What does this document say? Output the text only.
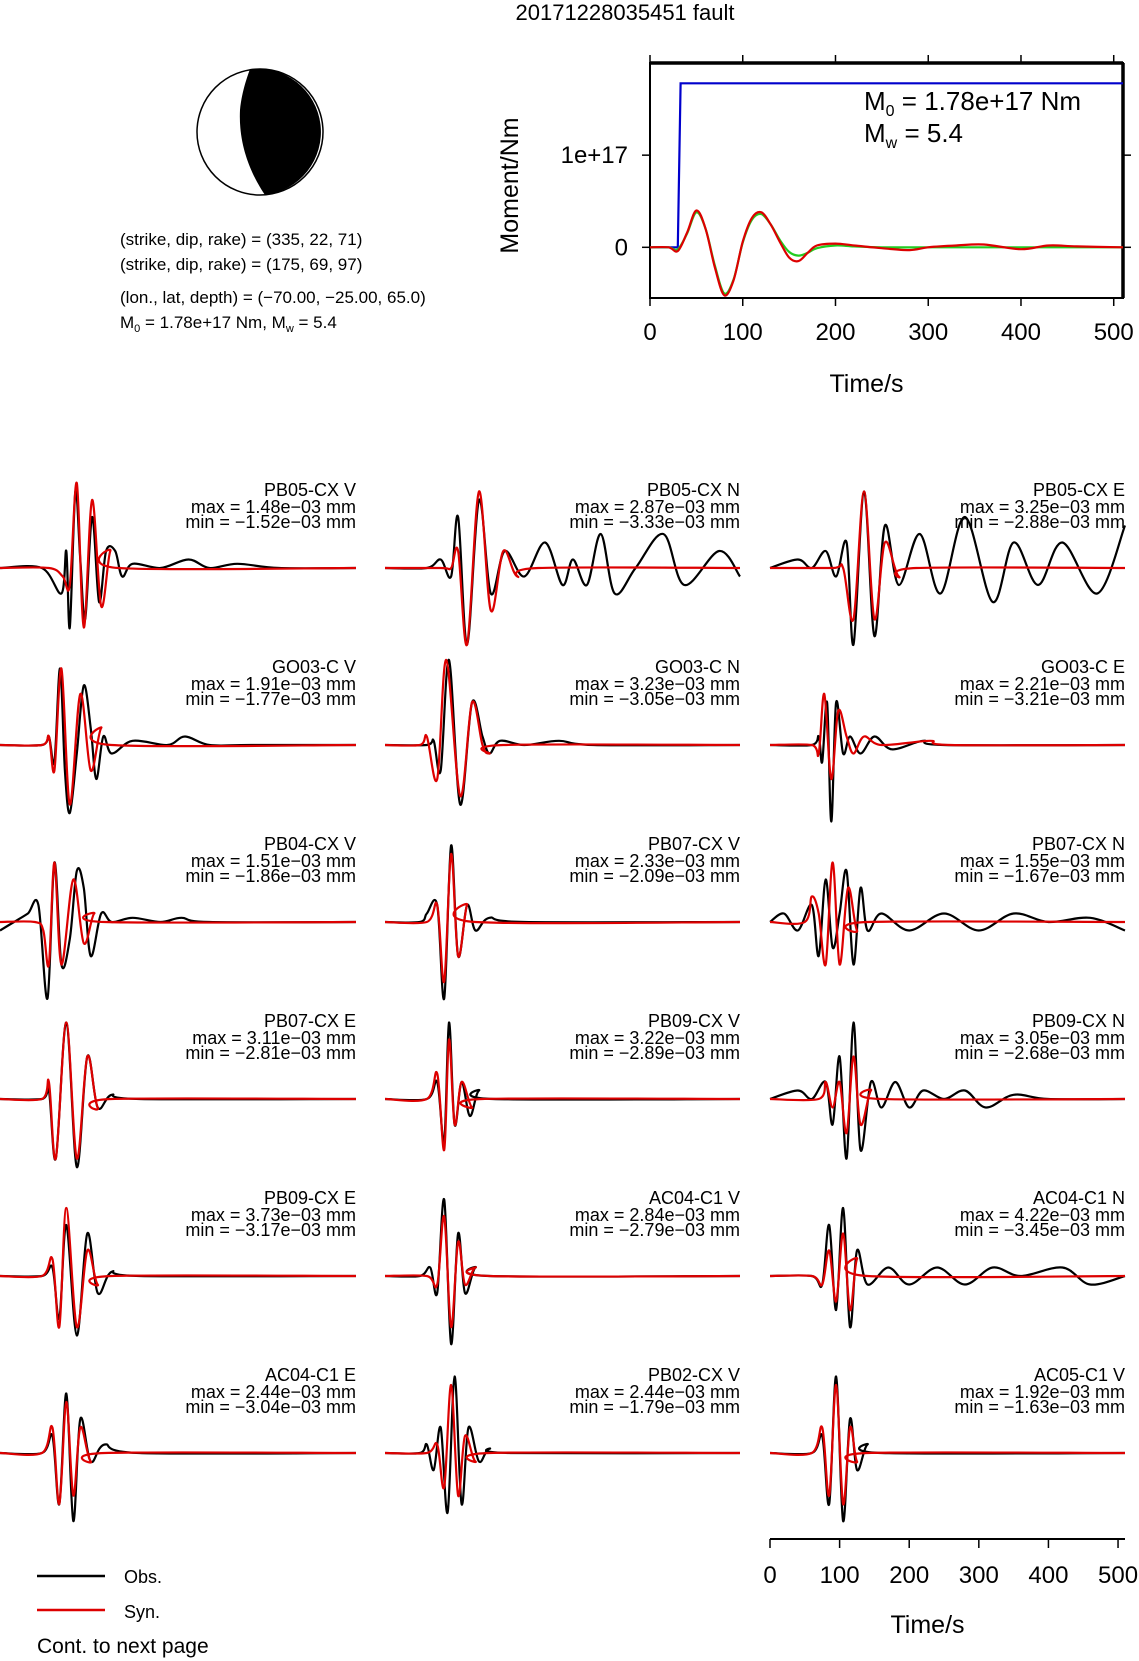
20171228035451 fault
(strike, dip, rake) = (335, 22, 71)
(strike, dip, rake) = (175, 69, 97)
(lon., lat, depth) = (−70.00, −25.00, 65.0)
$M_0 = 1.78e+17$ Nm, $M_w = 5.4$	0	100 200 300 400 500
0
1e+17
Time/s
Moment/Nm
$M_0 = 1.78e+17$ Nm
$M_w = 5.4$
PB05-CX V
max = 1.48e−03 mm
min = −1.52e−03 mm
PB05-CX N
max = 2.87e−03 mm
min = −3.33e−03 mm
PB05-CX E
max = 3.25e−03 mm
min = −2.88e−03 mm
GO03-C V
max = 1.91e−03 mm
min = −1.77e−03 mm
GO03-C N
max = 3.23e−03 mm
min = −3.05e−03 mm
GO03-C E
max = 2.21e−03 mm
min = −3.21e−03 mm
PB04-CX V
max = 1.51e−03 mm
min = −1.86e−03 mm
PB07-CX V
max = 2.33e−03 mm
min = −2.09e−03 mm
PB07-CX N
max = 1.55e−03 mm
min = −1.67e−03 mm
PB07-CX E
max = 3.11e−03 mm
min = −2.81e−03 mm
PB09-CX V
max = 3.22e−03 mm
min = −2.89e−03 mm
PB09-CX N
max = 3.05e−03 mm
min = −2.68e−03 mm
PB09-CX E
max = 3.73e−03 mm
min = −3.17e−03 mm
AC04-C1 V
max = 2.84e−03 mm
min = −2.79e−03 mm
AC04-C1 N
max = 4.22e−03 mm
min = −3.45e−03 mm
AC04-C1 E
max = 2.44e−03 mm
min = −3.04e−03 mm
PB02-CX V
max = 2.44e−03 mm
min = −1.79e−03 mm
AC05-C1 V
max = 1.92e−03 mm
min = −1.63e−03 mm
0 100 200 300 400 500
Time/s
Obs.
Syn.
Cont. to next page
